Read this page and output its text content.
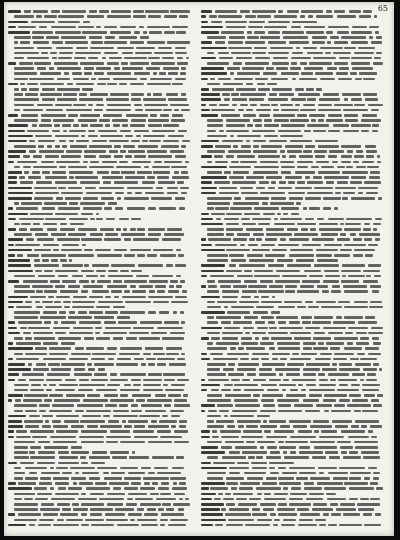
65
